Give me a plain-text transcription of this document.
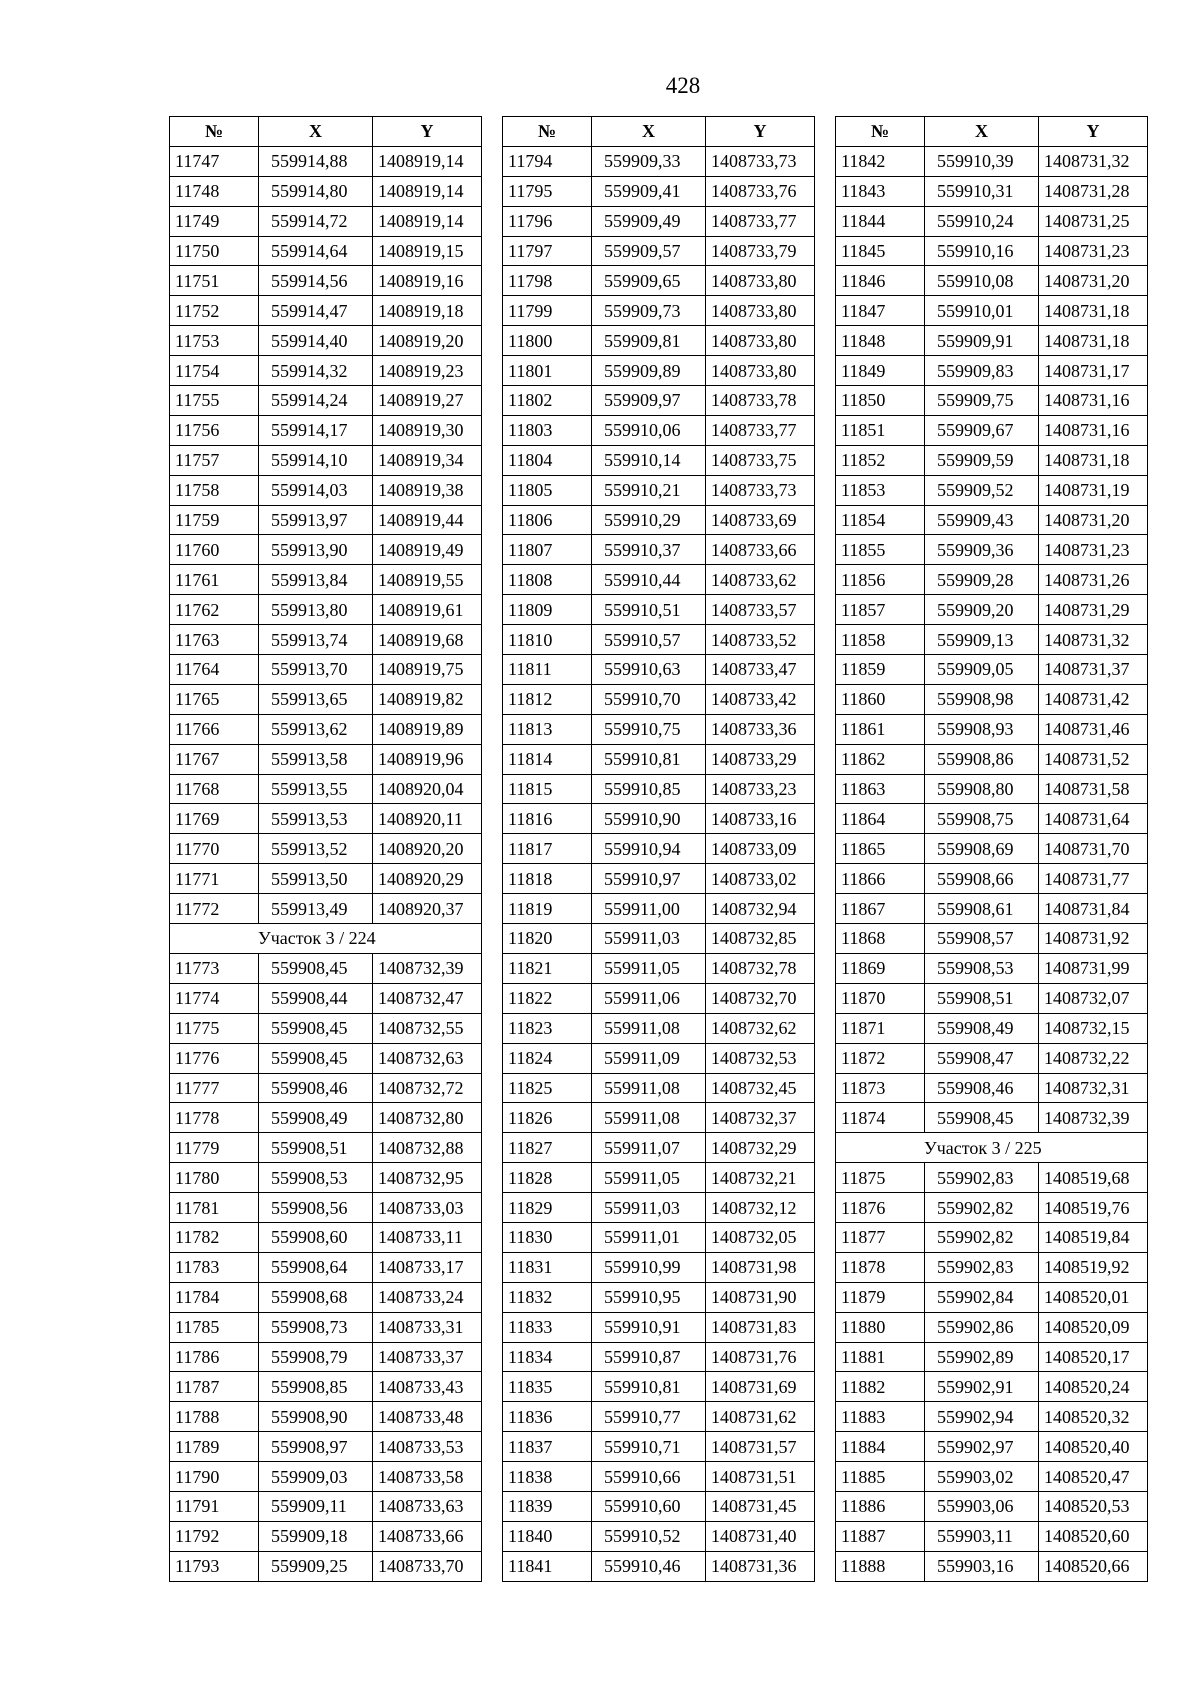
428
№	X	Y
11747	559914,88	1408919,14
11748	559914,80	1408919,14
11749	559914,72	1408919,14
11750	559914,64	1408919,15
11751	559914,56	1408919,16
11752	559914,47	1408919,18
11753	559914,40	1408919,20
11754	559914,32	1408919,23
11755	559914,24	1408919,27
11756	559914,17	1408919,30
11757	559914,10	1408919,34
11758	559914,03	1408919,38
11759	559913,97	1408919,44
11760	559913,90	1408919,49
11761	559913,84	1408919,55
11762	559913,80	1408919,61
11763	559913,74	1408919,68
11764	559913,70	1408919,75
11765	559913,65	1408919,82
11766	559913,62	1408919,89
11767	559913,58	1408919,96
11768	559913,55	1408920,04
11769	559913,53	1408920,11
11770	559913,52	1408920,20
11771	559913,50	1408920,29
11772	559913,49	1408920,37
Участок 3 / 224		
11773	559908,45	1408732,39
11774	559908,44	1408732,47
11775	559908,45	1408732,55
11776	559908,45	1408732,63
11777	559908,46	1408732,72
11778	559908,49	1408732,80
11779	559908,51	1408732,88
11780	559908,53	1408732,95
11781	559908,56	1408733,03
11782	559908,60	1408733,11
11783	559908,64	1408733,17
11784	559908,68	1408733,24
11785	559908,73	1408733,31
11786	559908,79	1408733,37
11787	559908,85	1408733,43
11788	559908,90	1408733,48
11789	559908,97	1408733,53
11790	559909,03	1408733,58
11791	559909,11	1408733,63
11792	559909,18	1408733,66
11793	559909,25	1408733,70
№	X	Y
11794	559909,33	1408733,73
11795	559909,41	1408733,76
11796	559909,49	1408733,77
11797	559909,57	1408733,79
11798	559909,65	1408733,80
11799	559909,73	1408733,80
11800	559909,81	1408733,80
11801	559909,89	1408733,80
11802	559909,97	1408733,78
11803	559910,06	1408733,77
11804	559910,14	1408733,75
11805	559910,21	1408733,73
11806	559910,29	1408733,69
11807	559910,37	1408733,66
11808	559910,44	1408733,62
11809	559910,51	1408733,57
11810	559910,57	1408733,52
11811	559910,63	1408733,47
11812	559910,70	1408733,42
11813	559910,75	1408733,36
11814	559910,81	1408733,29
11815	559910,85	1408733,23
11816	559910,90	1408733,16
11817	559910,94	1408733,09
11818	559910,97	1408733,02
11819	559911,00	1408732,94
11820	559911,03	1408732,85
11821	559911,05	1408732,78
11822	559911,06	1408732,70
11823	559911,08	1408732,62
11824	559911,09	1408732,53
11825	559911,08	1408732,45
11826	559911,08	1408732,37
11827	559911,07	1408732,29
11828	559911,05	1408732,21
11829	559911,03	1408732,12
11830	559911,01	1408732,05
11831	559910,99	1408731,98
11832	559910,95	1408731,90
11833	559910,91	1408731,83
11834	559910,87	1408731,76
11835	559910,81	1408731,69
11836	559910,77	1408731,62
11837	559910,71	1408731,57
11838	559910,66	1408731,51
11839	559910,60	1408731,45
11840	559910,52	1408731,40
11841	559910,46	1408731,36
№	X	Y
11842	559910,39	1408731,32
11843	559910,31	1408731,28
11844	559910,24	1408731,25
11845	559910,16	1408731,23
11846	559910,08	1408731,20
11847	559910,01	1408731,18
11848	559909,91	1408731,18
11849	559909,83	1408731,17
11850	559909,75	1408731,16
11851	559909,67	1408731,16
11852	559909,59	1408731,18
11853	559909,52	1408731,19
11854	559909,43	1408731,20
11855	559909,36	1408731,23
11856	559909,28	1408731,26
11857	559909,20	1408731,29
11858	559909,13	1408731,32
11859	559909,05	1408731,37
11860	559908,98	1408731,42
11861	559908,93	1408731,46
11862	559908,86	1408731,52
11863	559908,80	1408731,58
11864	559908,75	1408731,64
11865	559908,69	1408731,70
11866	559908,66	1408731,77
11867	559908,61	1408731,84
11868	559908,57	1408731,92
11869	559908,53	1408731,99
11870	559908,51	1408732,07
11871	559908,49	1408732,15
11872	559908,47	1408732,22
11873	559908,46	1408732,31
11874	559908,45	1408732,39
Участок 3 / 225		
11875	559902,83	1408519,68
11876	559902,82	1408519,76
11877	559902,82	1408519,84
11878	559902,83	1408519,92
11879	559902,84	1408520,01
11880	559902,86	1408520,09
11881	559902,89	1408520,17
11882	559902,91	1408520,24
11883	559902,94	1408520,32
11884	559902,97	1408520,40
11885	559903,02	1408520,47
11886	559903,06	1408520,53
11887	559903,11	1408520,60
11888	559903,16	1408520,66
